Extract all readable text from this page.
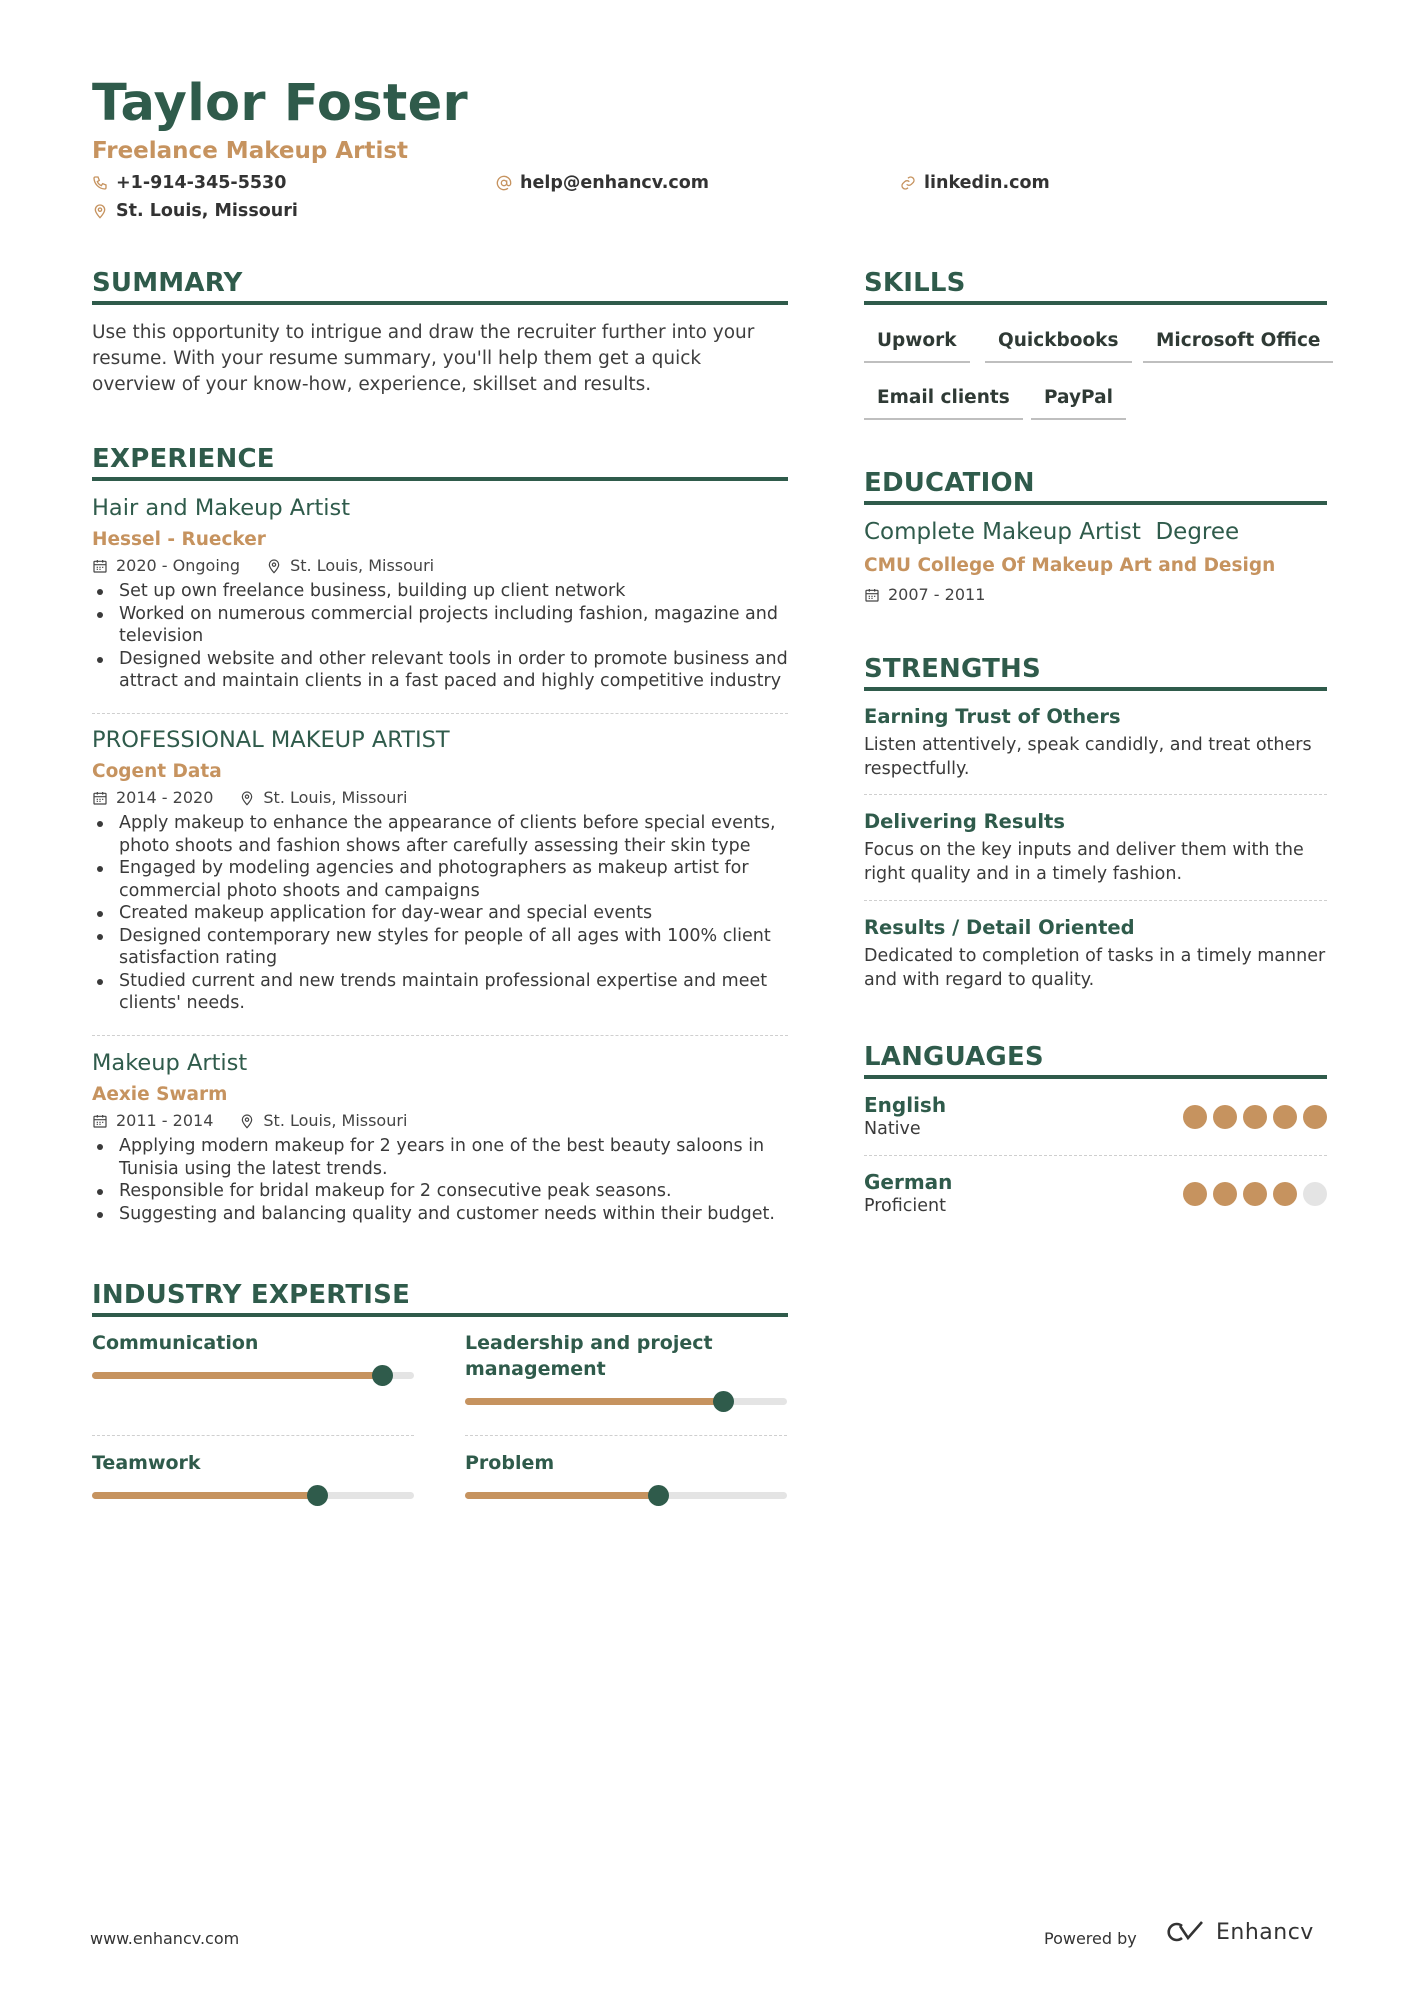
Taylor Foster
Freelance Makeup Artist
+1-914-345-5530	help@enhancv.com	linkedin.com
St. Louis, Missouri
SUMMARY
Use this opportunity to intrigue and draw the recruiter further into your resume. With your resume summary, you'll help them get a quick overview of your know-how, experience, skillset and results.
EXPERIENCE
Hair and Makeup Artist
Hessel - Ruecker
2020 - Ongoing	St. Louis, Missouri
Set up own freelance business, building up client network
Worked on numerous commercial projects including fashion, magazine and television
Designed website and other relevant tools in order to promote business and attract and maintain clients in a fast paced and highly competitive industry
PROFESSIONAL MAKEUP ARTIST
Cogent Data
2014 - 2020	St. Louis, Missouri
Apply makeup to enhance the appearance of clients before special events, photo shoots and fashion shows after carefully assessing their skin type
Engaged by modeling agencies and photographers as makeup artist for commercial photo shoots and campaigns
Created makeup application for day-wear and special events
Designed contemporary new styles for people of all ages with 100% client satisfaction rating
Studied current and new trends maintain professional expertise and meet clients' needs.
Makeup Artist
Aexie Swarm
2011 - 2014	St. Louis, Missouri
Applying modern makeup for 2 years in one of the best beauty saloons in Tunisia using the latest trends.
Responsible for bridal makeup for 2 consecutive peak seasons.
Suggesting and balancing quality and customer needs within their budget.
INDUSTRY EXPERTISE
Communication	Leadership and project management
Teamwork	Problem
SKILLS
Upwork	Quickbooks	Microsoft Office
Email clients	PayPal
EDUCATION
Complete Makeup Artist  Degree
CMU College Of Makeup Art and Design
2007 - 2011
STRENGTHS
Earning Trust of Others
Listen attentively, speak candidly, and treat others respectfully.
Delivering Results
Focus on the key inputs and deliver them with the right quality and in a timely fashion.
Results / Detail Oriented
Dedicated to completion of tasks in a timely manner and with regard to quality.
LANGUAGES
English
Native
German
Proficient
www.enhancv.com	Powered by	Enhancv
